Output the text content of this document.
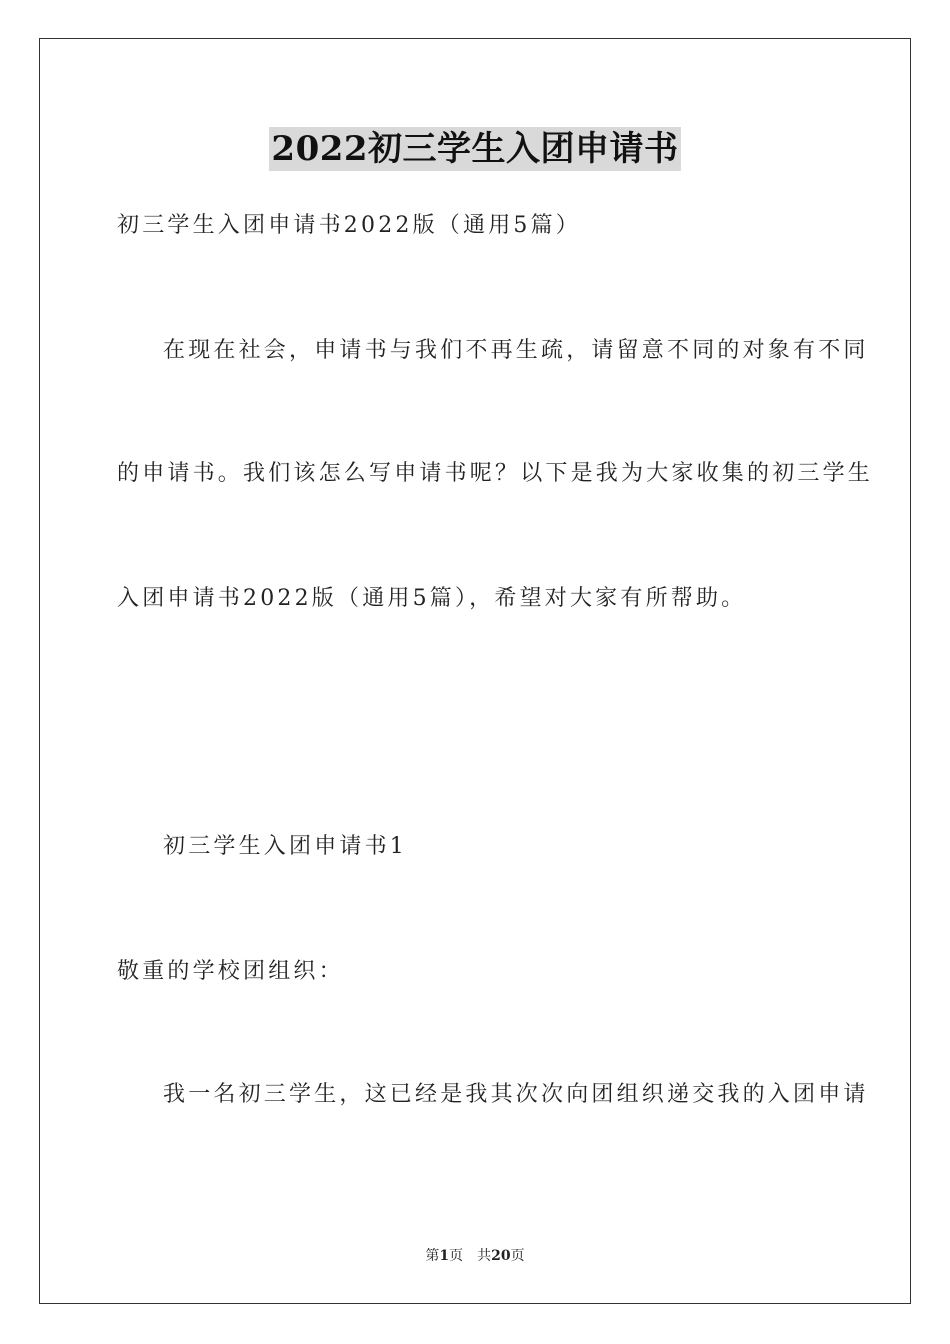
2022初三学生入团申请书
初三学生入团申请书2022版（通用5篇）
在现在社会，申请书与我们不再生疏，请留意不同的对象有不同
的申请书。我们该怎么写申请书呢？以下是我为大家收集的初三学生
入团申请书2022版（通用5篇），希望对大家有所帮助。
初三学生入团申请书1
敬重的学校团组织：
我一名初三学生，这已经是我其次次向团组织递交我的入团申请
第1页 共20页
